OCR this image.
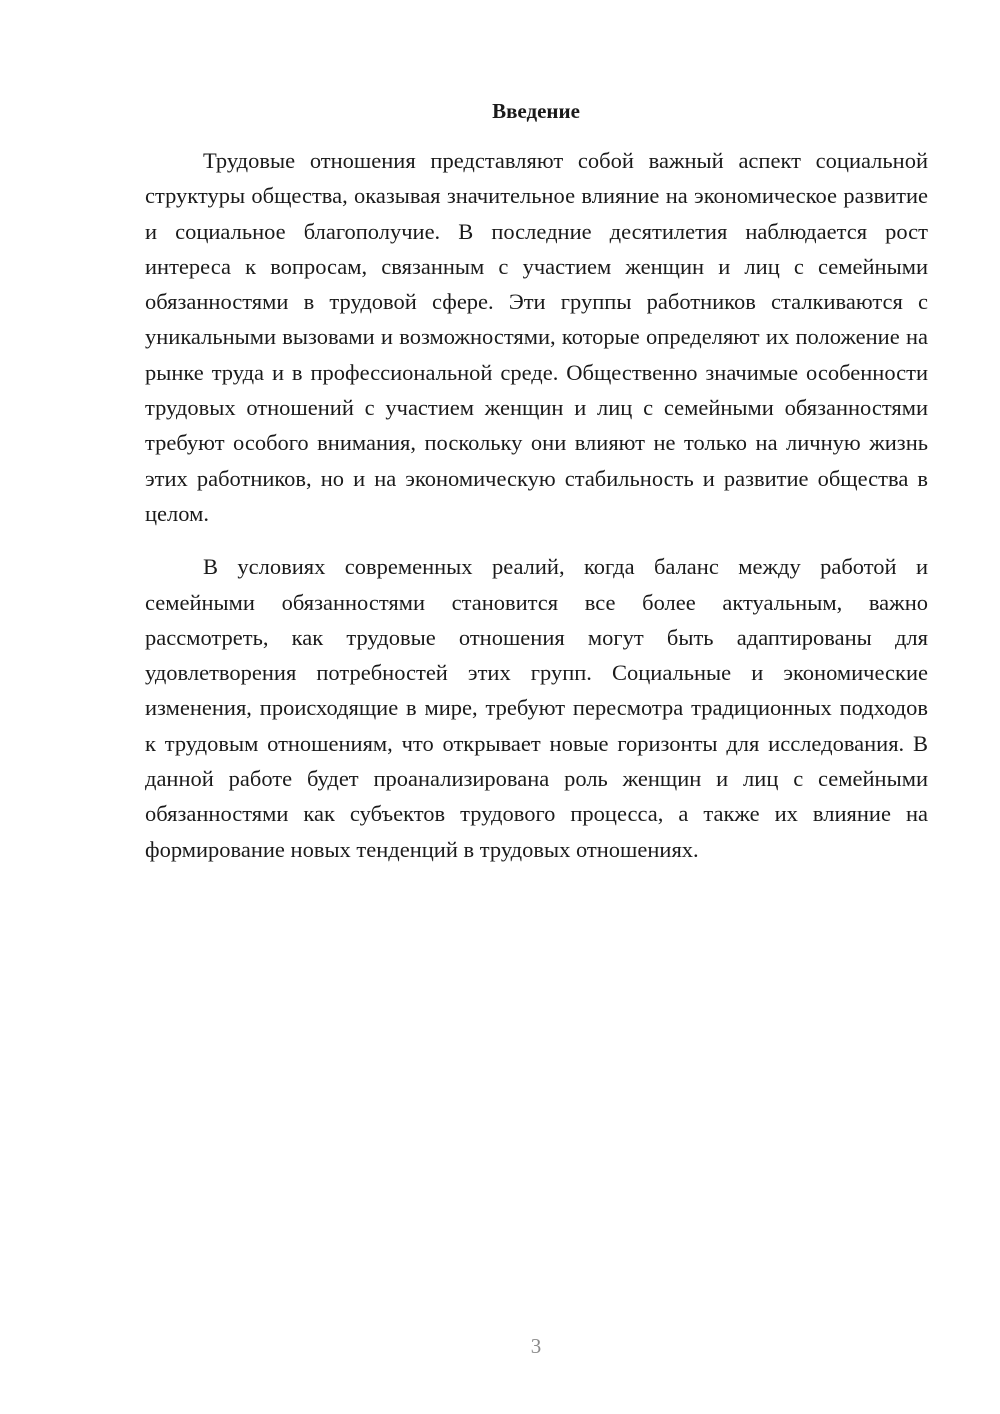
Введение

Трудовые отношения представляют собой важный аспект социальной структуры общества, оказывая значительное влияние на экономическое развитие и социальное благополучие. В последние десятилетия наблюдается рост интереса к вопросам, связанным с участием женщин и лиц с семейными обязанностями в трудовой сфере. Эти группы работников сталкиваются с уникальными вызовами и возможностями, которые определяют их положение на рынке труда и в профессиональной среде. Общественно значимые особенности трудовых отношений с участием женщин и лиц с семейными обязанностями требуют особого внимания, поскольку они влияют не только на личную жизнь этих работников, но и на экономическую стабильность и развитие общества в целом.

В условиях современных реалий, когда баланс между работой и семейными обязанностями становится все более актуальным, важно рассмотреть, как трудовые отношения могут быть адаптированы для удовлетворения потребностей этих групп. Социальные и экономические изменения, происходящие в мире, требуют пересмотра традиционных подходов к трудовым отношениям, что открывает новые горизонты для исследования. В данной работе будет проанализирована роль женщин и лиц с семейными обязанностями как субъектов трудового процесса, а также их влияние на формирование новых тенденций в трудовых отношениях.

3
